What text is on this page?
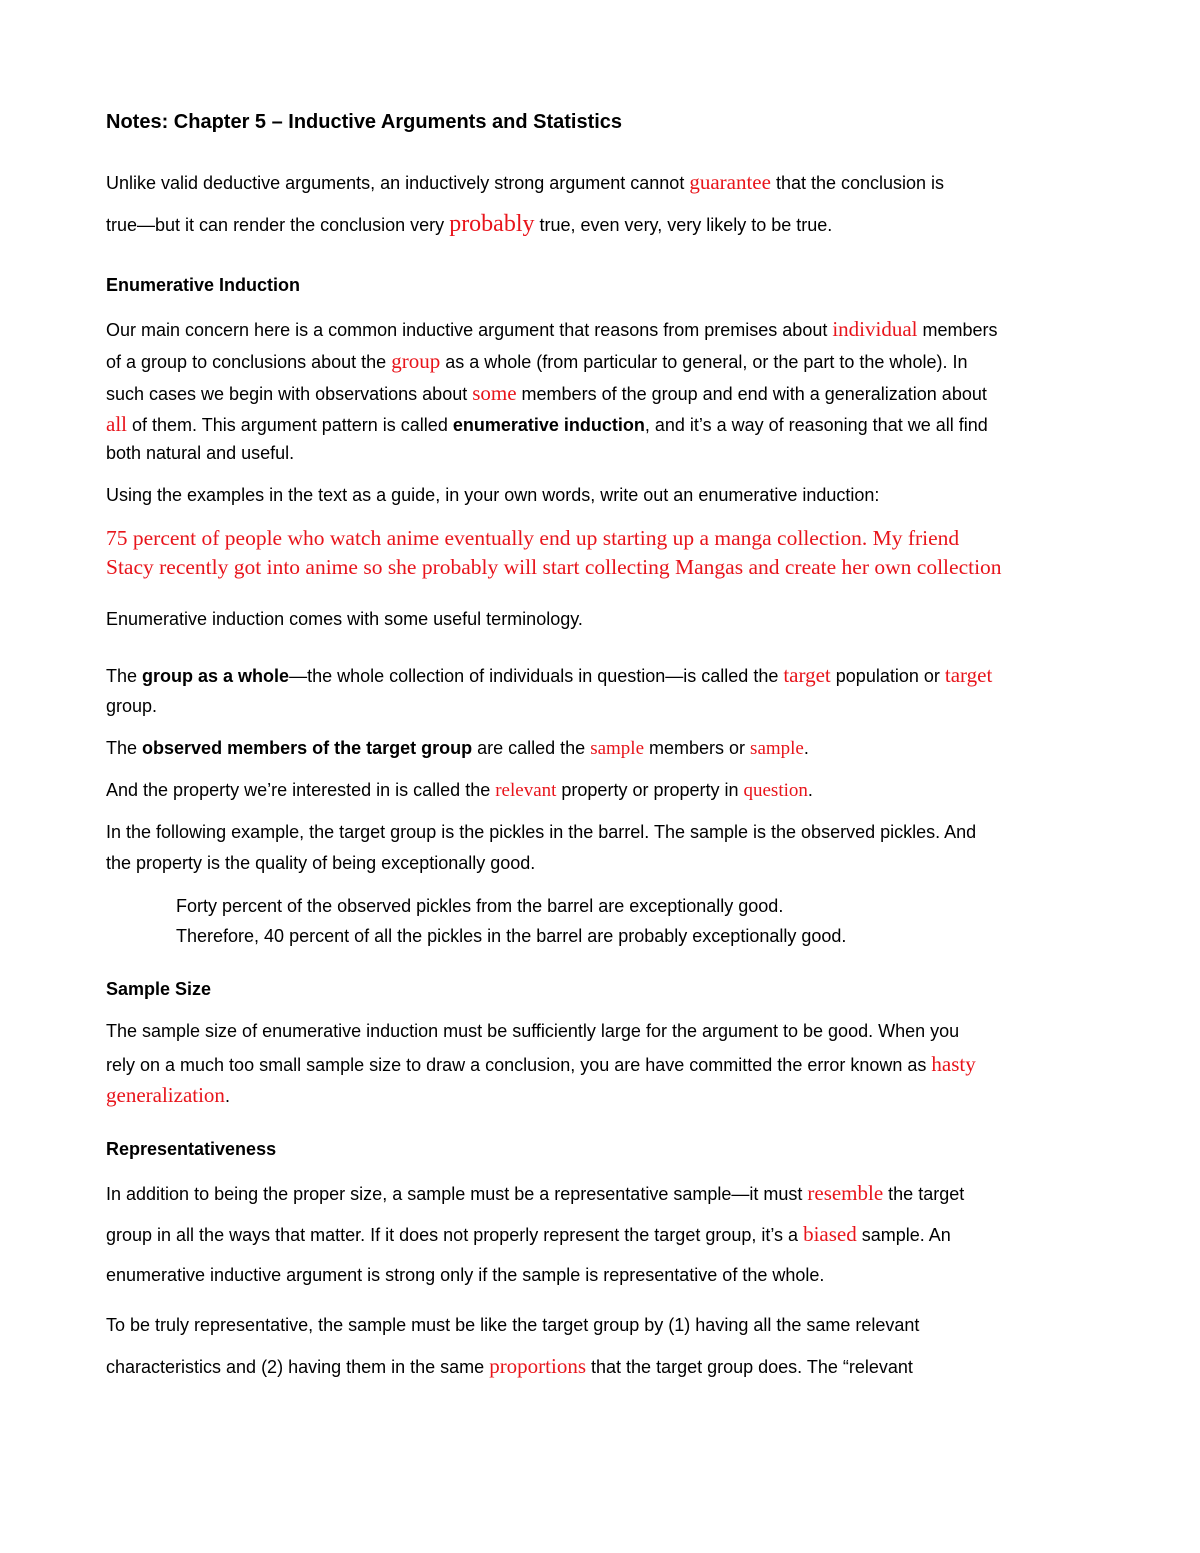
Notes: Chapter 5 – Inductive Arguments and Statistics
Unlike valid deductive arguments, an inductively strong argument cannot guarantee that the conclusion is
true—but it can render the conclusion very probably true, even very, very likely to be true.
Enumerative Induction
Our main concern here is a common inductive argument that reasons from premises about individual members
of a group to conclusions about the group as a whole (from particular to general, or the part to the whole). In
such cases we begin with observations about some members of the group and end with a generalization about
all of them. This argument pattern is called enumerative induction, and it’s a way of reasoning that we all find
both natural and useful.
Using the examples in the text as a guide, in your own words, write out an enumerative induction:
75 percent of people who watch anime eventually end up starting up a manga collection. My friend
Stacy recently got into anime so she probably will start collecting Mangas and create her own collection
Enumerative induction comes with some useful terminology.
The group as a whole—the whole collection of individuals in question—is called the target population or target
group.
The observed members of the target group are called the sample members or sample.
And the property we’re interested in is called the relevant property or property in question.
In the following example, the target group is the pickles in the barrel. The sample is the observed pickles. And
the property is the quality of being exceptionally good.
Forty percent of the observed pickles from the barrel are exceptionally good.
Therefore, 40 percent of all the pickles in the barrel are probably exceptionally good.
Sample Size
The sample size of enumerative induction must be sufficiently large for the argument to be good. When you
rely on a much too small sample size to draw a conclusion, you are have committed the error known as hasty
generalization.
Representativeness
In addition to being the proper size, a sample must be a representative sample—it must resemble the target
group in all the ways that matter. If it does not properly represent the target group, it’s a biased sample. An
enumerative inductive argument is strong only if the sample is representative of the whole.
To be truly representative, the sample must be like the target group by (1) having all the same relevant
characteristics and (2) having them in the same proportions that the target group does. The “relevant
